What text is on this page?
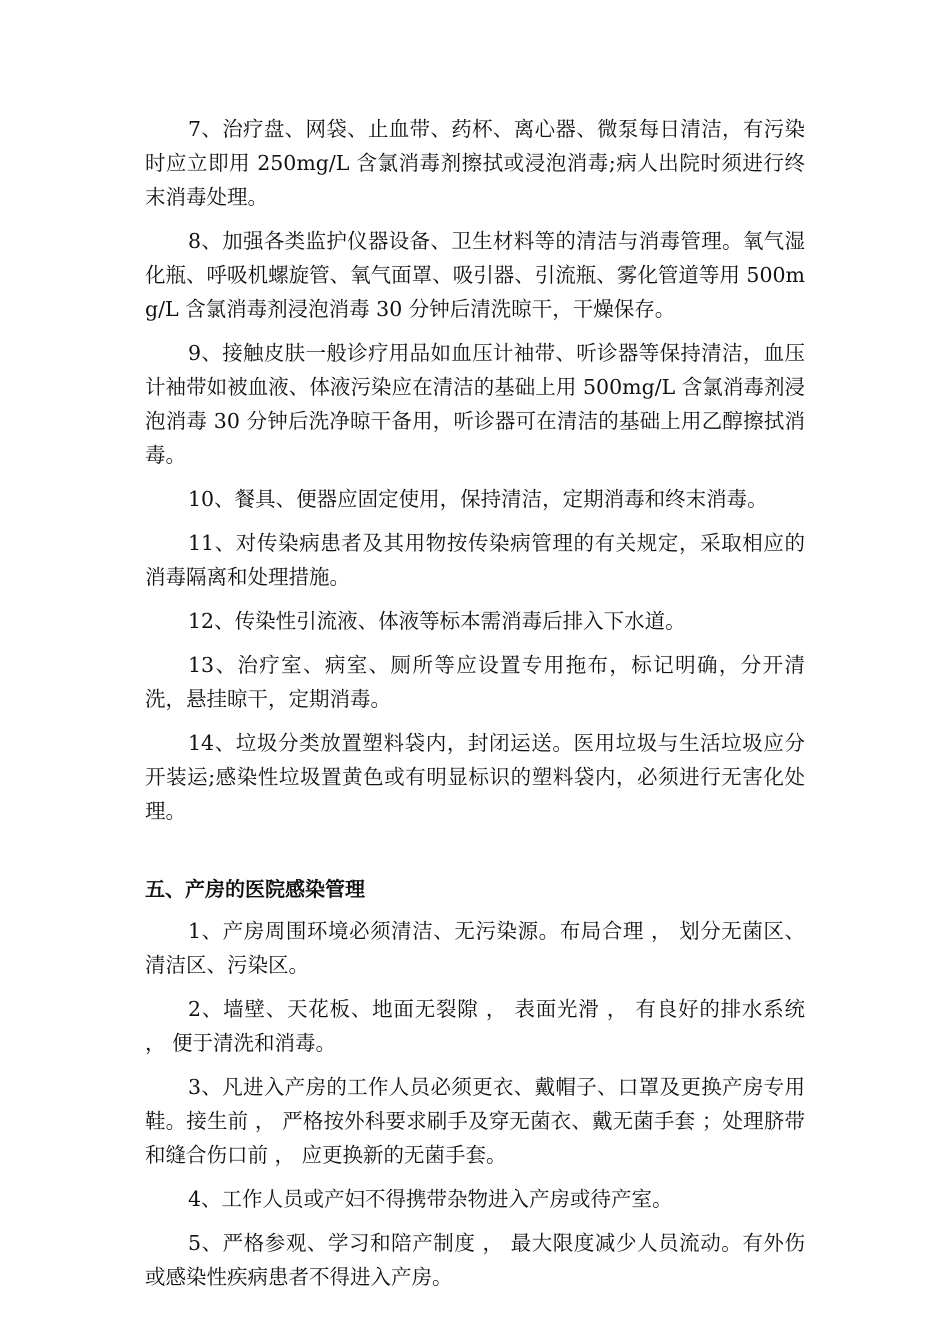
7、治疗盘、网袋、止血带、药杯、离心器、微泵每日清洁，有污染时应立即用 250mg/L 含氯消毒剂擦拭或浸泡消毒;病人出院时须进行终末消毒处理。

8、加强各类监护仪器设备、卫生材料等的清洁与消毒管理。氧气湿化瓶、呼吸机螺旋管、氧气面罩、吸引器、引流瓶、雾化管道等用 500mg/L 含氯消毒剂浸泡消毒 30 分钟后清洗晾干，干燥保存。

9、接触皮肤一般诊疗用品如血压计袖带、听诊器等保持清洁，血压计袖带如被血液、体液污染应在清洁的基础上用 500mg/L 含氯消毒剂浸泡消毒 30 分钟后洗净晾干备用，听诊器可在清洁的基础上用乙醇擦拭消毒。

10、餐具、便器应固定使用，保持清洁，定期消毒和终末消毒。

11、对传染病患者及其用物按传染病管理的有关规定，采取相应的消毒隔离和处理措施。

12、传染性引流液、体液等标本需消毒后排入下水道。

13、治疗室、病室、厕所等应设置专用拖布，标记明确，分开清洗，悬挂晾干，定期消毒。

14、垃圾分类放置塑料袋内，封闭运送。医用垃圾与生活垃圾应分开装运;感染性垃圾置黄色或有明显标识的塑料袋内，必须进行无害化处理。

五、产房的医院感染管理

1、产房周围环境必须清洁、无污染源。布局合理 ， 划分无菌区、清洁区、污染区。

2、墙壁、天花板、地面无裂隙 ， 表面光滑 ， 有良好的排水系统 ， 便于清洗和消毒。

3、凡进入产房的工作人员必须更衣、戴帽子、口罩及更换产房专用鞋。接生前 ， 严格按外科要求刷手及穿无菌衣、戴无菌手套 ；处理脐带和缝合伤口前 ， 应更换新的无菌手套。

4、工作人员或产妇不得携带杂物进入产房或待产室。

5、严格参观、学习和陪产制度 ， 最大限度减少人员流动。有外伤或感染性疾病患者不得进入产房。
